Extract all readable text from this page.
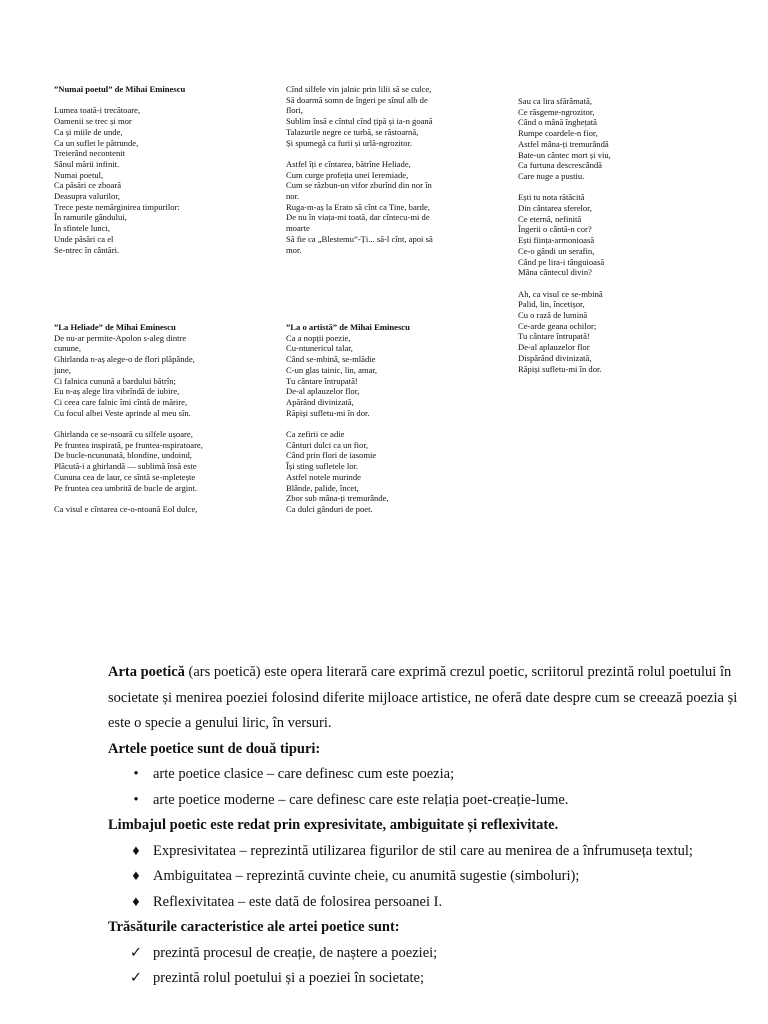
”Numai poetul” de Mihai Eminescu
Lumea toată-i trecătoare,
Oamenii se trec și mor
Ca și miile de unde,
Ca un suflet le pătrunde,
Treierând necontenit
Sânul mării infinit.
Numai poetul,
Ca păsări ce zboară
Deasupra valurilor,
Trece peste nemărginirea timpurilor:
În ramurile gândului,
În sfintele lunci,
Unde păsări ca el
Se-ntrec în cântări.
”La Heliade” de Mihai Eminescu
De nu-ar permite-Apolon s-aleg dintre
cunune,
Ghirlanda n-aș alege-o de flori plăpânde,
june,
Ci falnica cunună a bardului bătrîn;
Eu n-aș alege lira vibrîndă de iubire,
Ci ceea care falnic îmi cîntă de mărire,
Cu focul albei Veste aprinde al meu sîn.
Ghirlanda ce se-nsoară cu silfele ușoare,
Pe fruntea inspirată, pe fruntea-nspiratoare,
De bucle-ncununată, blondine, undoind,
Plăcută-i a ghirlandă — sublimă însă este
Cununa cea de laur, ce sîntă se-mpletește
Pe fruntea cea umbrită de bucle de argint.
Ca visul e cîntarea ce-o-ntoană Eol dulce,
Cînd silfele vin jalnic prin lilii să se culce,
Să doarmă somn de îngeri pe sînul alb de
flori,
Sublim însă e cîntul cînd țipă și ia-n goană
Talazurile negre ce turbă, se răstoarnă,
Și spumegă ca furii și urlă-ngrozitor.
Astfel îți e cîntarea, bătrîne Heliade,
Cum curge profeția unei Ieremiade,
Cum se răzbun-un vifor zburînd din nor în
nor.
Ruga-m-aș la Erato să cînt ca Tine, barde,
De nu în viața-mi toată, dar cîntecu-mi de
moarte
Să fie ca „Blestemu”-Ți... să-l cînt, apoi să
mor.
”La o artistă” de Mihai Eminescu
Ca a nopții poezie,
Cu-ntunericul talar,
Când se-mbină, se-mlădie
C-un glas tainic, lin, amar,
Tu cântare întrupată!
De-al aplauzelor flor,
Apărând divinizată,
Răpiși sufletu-mi în dor.
Ca zefirii ce adie
Cânturi dulci ca un fior,
Când prin flori de iasomie
Își sting sufletele lor.
Astfel notele murinde
Blânde, palide, încet,
Zbor sub mâna-ți tremurânde,
Ca dulci gânduri de poet.
Sau ca lira sfărâmată,
Ce răsgeme-ngrozitor,
Când o mână înghețată
Rumpe coardele-n fior,
Astfel mâna-ți tremurândă
Bate-un cântec mort și viu,
Ca furtuna descrescândă
Care nuge a pustiu.
Ești tu nota rătăcită
Din cântarea sferelor,
Ce eternă, nefinită
Îngerii o cântă-n cor?
Ești ființa-armonioasă
Ce-o gândi un serafin,
Când pe lira-i tânguioasă
Mâna cântecul divin?
Ah, ca visul ce se-mbină
Palid, lin, încetișor,
Cu o rază de lumină
Ce-arde geana ochilor;
Tu cântare întrupată!
De-al aplauzelor flor
Dispărând divinizată,
Răpiși sufletu-mi în dor.

Arta poetică (ars poetică) este opera literară care exprimă crezul poetic, scriitorul prezintă rolul poetului în societate și menirea poeziei folosind diferite mijloace artistice, ne oferă date despre cum se creează poezia și este o specie a genului liric, în versuri.

Artele poetice sunt de două tipuri:

• arte poetice clasice – care definesc cum este poezia;
• arte poetice moderne – care definesc care este relația poet-creație-lume.

Limbajul poetic este redat prin expresivitate, ambiguitate și reflexivitate.

♦ Expresivitatea – reprezintă utilizarea figurilor de stil care au menirea de a înfrumuseța textul;
♦ Ambiguitatea – reprezintă cuvinte cheie, cu anumită sugestie (simboluri);
♦ Reflexivitatea – este dată de folosirea persoanei I.

Trăsăturile caracteristice ale artei poetice sunt:

✓ prezintă procesul de creație, de naștere a poeziei;
✓ prezintă rolul poetului și a poeziei în societate;
